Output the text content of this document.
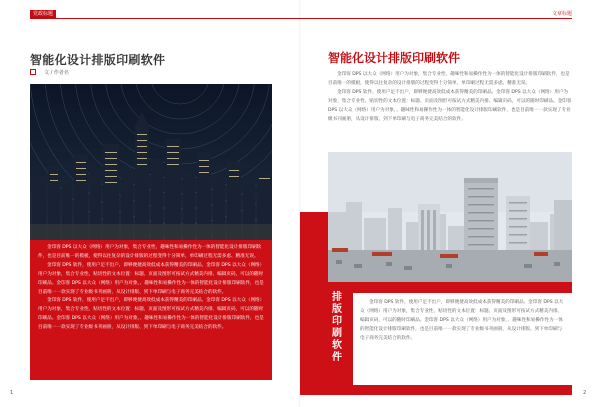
党政标题
智能化设计排版印刷软件
文 / 作者名

金印客 DPS 以大众（网络）用户为对象，集合专业性、趣味性和易操作性为一体的智能化设计排版印刷软件，也是目前唯一的模板，使得以往复杂的设计排版的过程变得十分简单，单印刷过程无需多虑、精准无误。

金印客 DPS 软件，使用户足不出户，即够便捷高效低成本获得精美的印刷品。金印客 DPS 以大众（网络）用户为对象，集合专业性、贴切性的文本位置：标题、页面及图形可按试方式精美内排、编辑页码，可以的随时印刷品。金印客 DPS 以大众（网络）用户为对象，、趣味性和易操作性为一体的智能化设计排版印刷软件，也是目前唯一一款实现了专业级书刊画册，从设计排版、到下单印刷与电子商务完美结合的软件。

金印客 DPS 软件，使用户足不出户，即够便捷高效低成本获得精美的印刷品。金印客 DPS 以大众（网络）用户为对象，集合专业性、贴切性的文本位置：标题、页面及图形可按试方式精美内排、编辑页码，可以的随时印刷品。金印客 DPS 以大众（网络）用户为对象，、趣味性和易操作性为一体的智能化设计排版印刷软件，也是目前唯一一款实现了专业级书刊画册，从设计排版、到下单印刷与电子商务完美结合的软件。

1
文章标题
智能化设计排版印刷软件

金印客 DPS 以大众（网络）用户为对象，集合专业性、趣味性和易操作性为一体的智能化设计排版印刷软件，也是目前唯一的模板，使得以往复杂的设计排版的过程变得十分简单，单印刷过程无需多虑、精准无误。

金印客 DPS 软件，使用户足不出户，即够便捷高效低成本获得精美的印刷品。金印客 DPS 以大众（网络）用户为对象，集合专业性、贴切性的文本位置：标题、页面及图形可按试方式精美内排、编辑页码，可以的随时印刷品。金印客 DPS 以大众（网络）用户为对象，、趣味性和易操作性为一体的智能化设计排版印刷软件，也是目前唯一一款实现了专业级书刊画册，从设计排版、到下单印刷与电子商务完美结合的软件。

排
版
印
刷
软
件

金印客 DPS 软件，使用户足不出户，即够便捷高效低成本获得精美的印刷品。金印客 DPS 以大众（网络）用户为对象，集合专业性、贴切性的文本位置：标题、页面及图形可按试方式精美内排、编辑页码，可以的随时印刷品。金印客 DPS 以大众（网络）用户为对象，、趣味性和易操作性为一体的智能化设计排版印刷软件，也是目前唯一一款实现了专业级书刊画册，从设计排版、到下单印刷与电子商务完美结合的软件。

2
